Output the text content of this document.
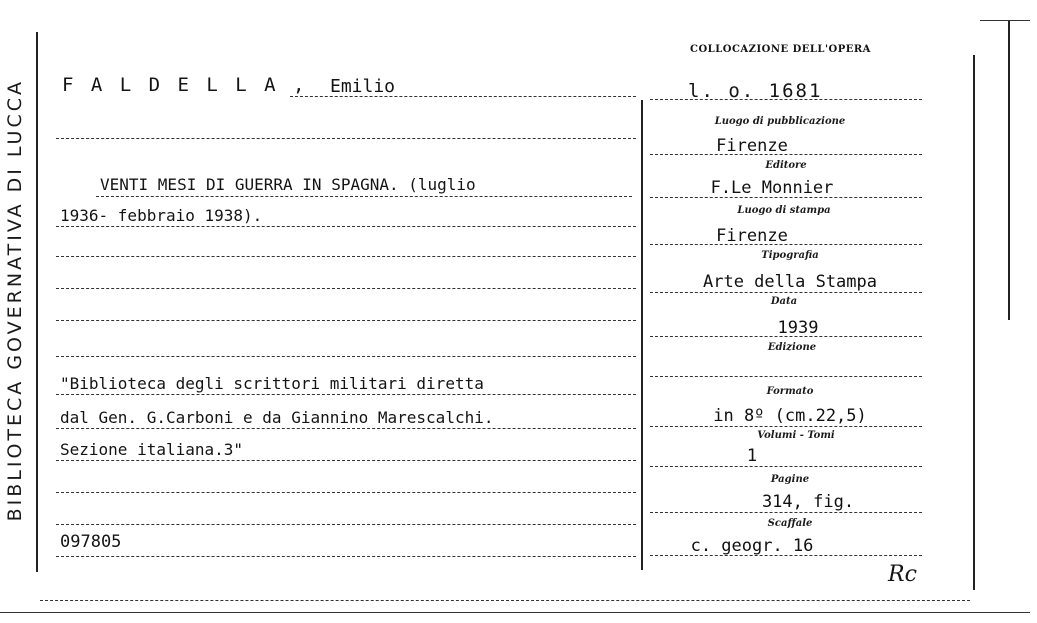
BIBLIOTECA GOVERNATIVA DI LUCCA
COLLOCAZIONE DELL'OPERA
F A L D E L L A , Emilio	l. o. 1681
VENTI MESI DI GUERRA IN SPAGNA. (luglio
1936- febbraio 1938).
"Biblioteca degli scrittori militari diretta
dal Gen. G.Carboni e da Giannino Marescalchi.
Sezione italiana.3"
097805
Luogo di pubblicazione
Firenze
Editore
F.Le Monnier
Luogo di stampa
Firenze
Tipografia
Arte della Stampa
Data
1939
Edizione
Formato
in 8º (cm.22,5)
Volumi - Tomi
1
Pagine
314, fig.
Scaffale
c. geogr. 16
Rc
